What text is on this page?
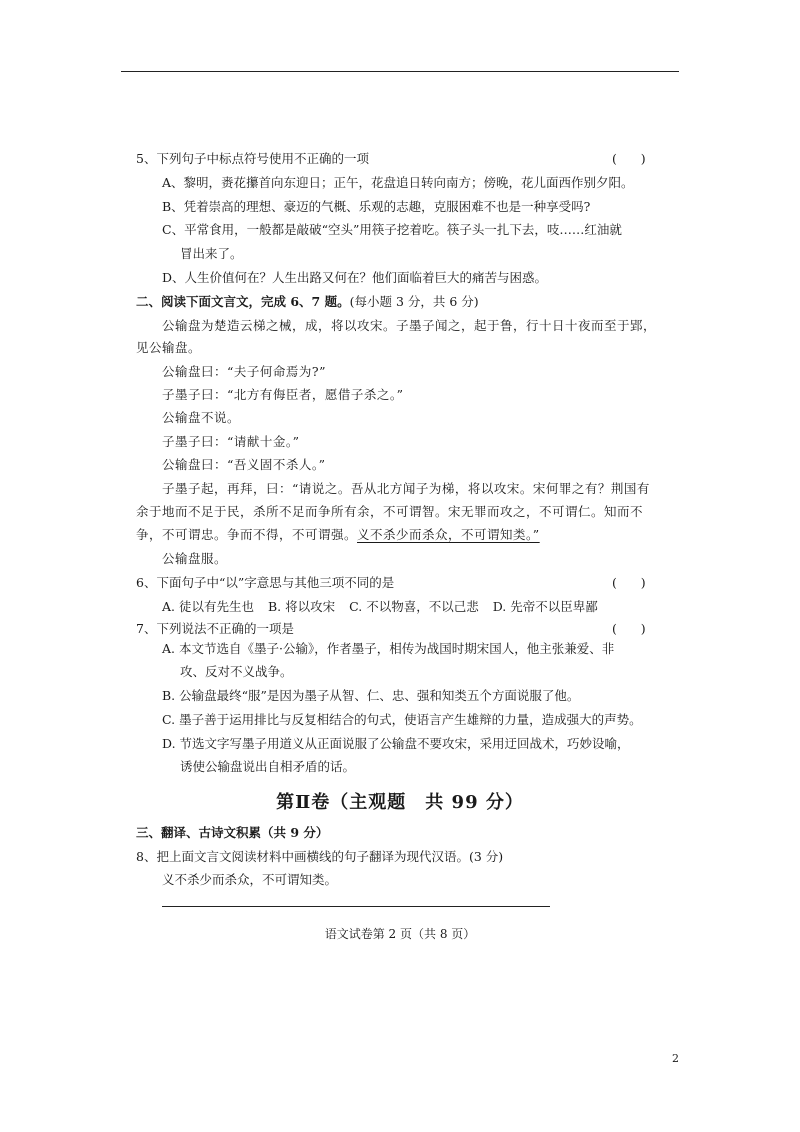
5、下列句子中标点符号使用不正确的一项	(      )
A、黎明，赉花攥首向东迎日；正午，花盘追日转向南方；傍晚，花儿面西作别夕阳。
B、凭着崇高的理想、豪迈的气概、乐观的志趣，克服困难不也是一种享受吗?
C、平常食用，一般都是敲破“空头”用筷子挖着吃。筷子头一扎下去，吱……红油就
冒出来了。
D、人生价值何在？人生出路又何在？他们面临着巨大的痛苦与困惑。
二、阅读下面文言文，完成 6、7 题。(每小题 3 分，共 6 分)
公输盘为楚造云梯之械，成，将以攻宋。子墨子闻之，起于鲁，行十日十夜而至于郢，
见公输盘。
公输盘曰：“夫子何命焉为?”
子墨子曰：“北方有侮臣者，愿借子杀之。”
公输盘不说。
子墨子曰：“请献十金。”
公输盘曰：“吾义固不杀人。”
子墨子起，再拜，曰：“请说之。吾从北方闻子为梯，将以攻宋。宋何罪之有？荆国有
余于地而不足于民，杀所不足而争所有余，不可谓智。宋无罪而攻之，不可谓仁。知而不
争，不可谓忠。争而不得，不可谓强。义不杀少而杀众，不可谓知类。”
公输盘服。
6、下面句子中“以”字意思与其他三项不同的是	(      )
A. 徒以有先生也 B. 将以攻宋 C. 不以物喜，不以己悲 D. 先帝不以臣卑鄙
7、下列说法不正确的一项是	(      )
A. 本文节选自《墨子·公输》，作者墨子，相传为战国时期宋国人，他主张兼爱、非
攻、反对不义战争。
B. 公输盘最终“服”是因为墨子从智、仁、忠、强和知类五个方面说服了他。
C. 墨子善于运用排比与反复相结合的句式，使语言产生雄辩的力量，造成强大的声势。
D. 节选文字写墨子用道义从正面说服了公输盘不要攻宋，采用迂回战术，巧妙设喻，
诱使公输盘说出自相矛盾的话。
第Ⅱ卷（主观题　共 99 分）
三、翻译、古诗文积累（共 9 分）
8、把上面文言文阅读材料中画横线的句子翻译为现代汉语。(3 分)
义不杀少而杀众，不可谓知类。
语文试卷第 2 页（共 8 页）
2
